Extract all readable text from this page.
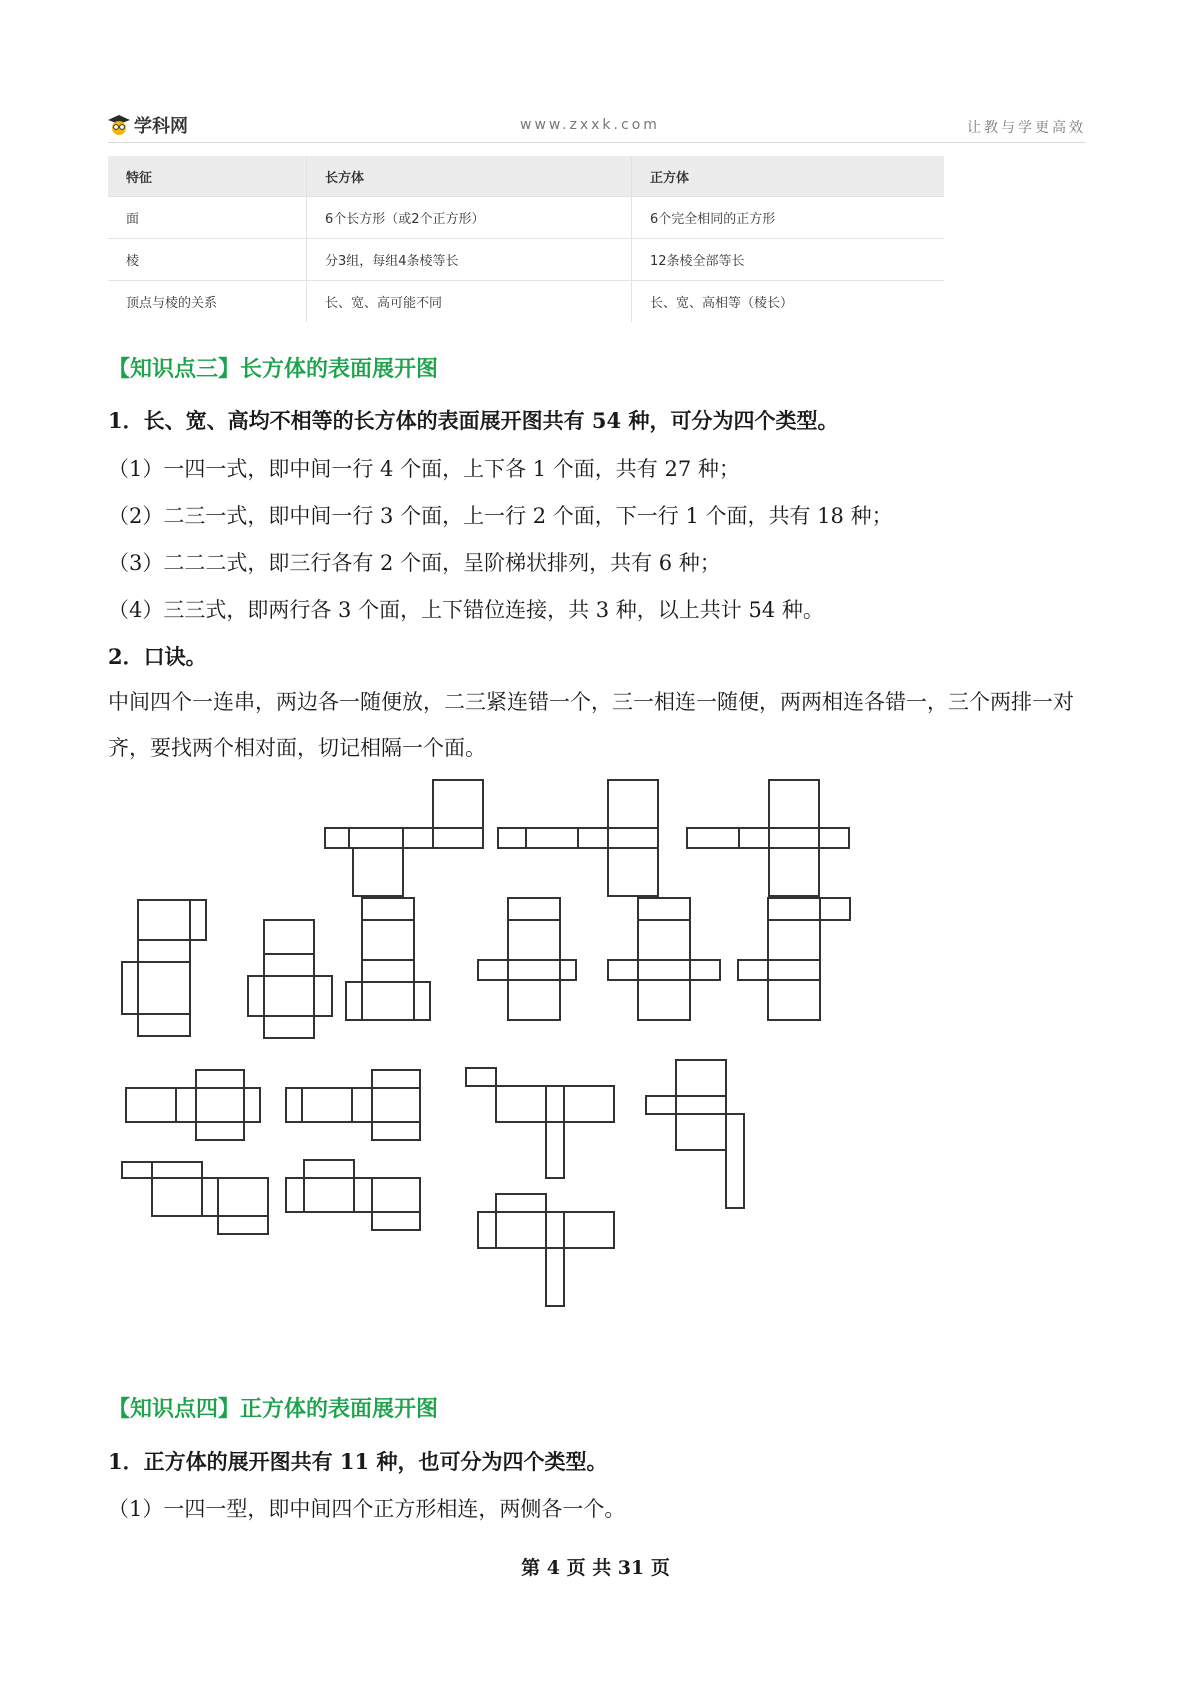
学科网	www.zxxk.com	让教与学更高效
特征	长方体	正方体
面	6个长方形（或2个正方形）	6个完全相同的正方形
棱	分3组，每组4条棱等长	12条棱全部等长
顶点与棱的关系	长、宽、高可能不同	长、宽、高相等（棱长）
【知识点三】长方体的表面展开图
1．长、宽、高均不相等的长方体的表面展开图共有 54 种，可分为四个类型。
（1）一四一式，即中间一行 4 个面，上下各 1 个面，共有 27 种；
（2）二三一式，即中间一行 3 个面，上一行 2 个面，下一行 1 个面，共有 18 种；
（3）二二二式，即三行各有 2 个面，呈阶梯状排列，共有 6 种；
（4）三三式，即两行各 3 个面，上下错位连接，共 3 种，以上共计 54 种。
2．口诀。
中间四个一连串，两边各一随便放，二三紧连错一个，三一相连一随便，两两相连各错一，三个两排一对齐，要找两个相对面，切记相隔一个面。
【知识点四】正方体的表面展开图
1．正方体的展开图共有 11 种，也可分为四个类型。
（1）一四一型，即中间四个正方形相连，两侧各一个。
第 4 页 共 31 页
